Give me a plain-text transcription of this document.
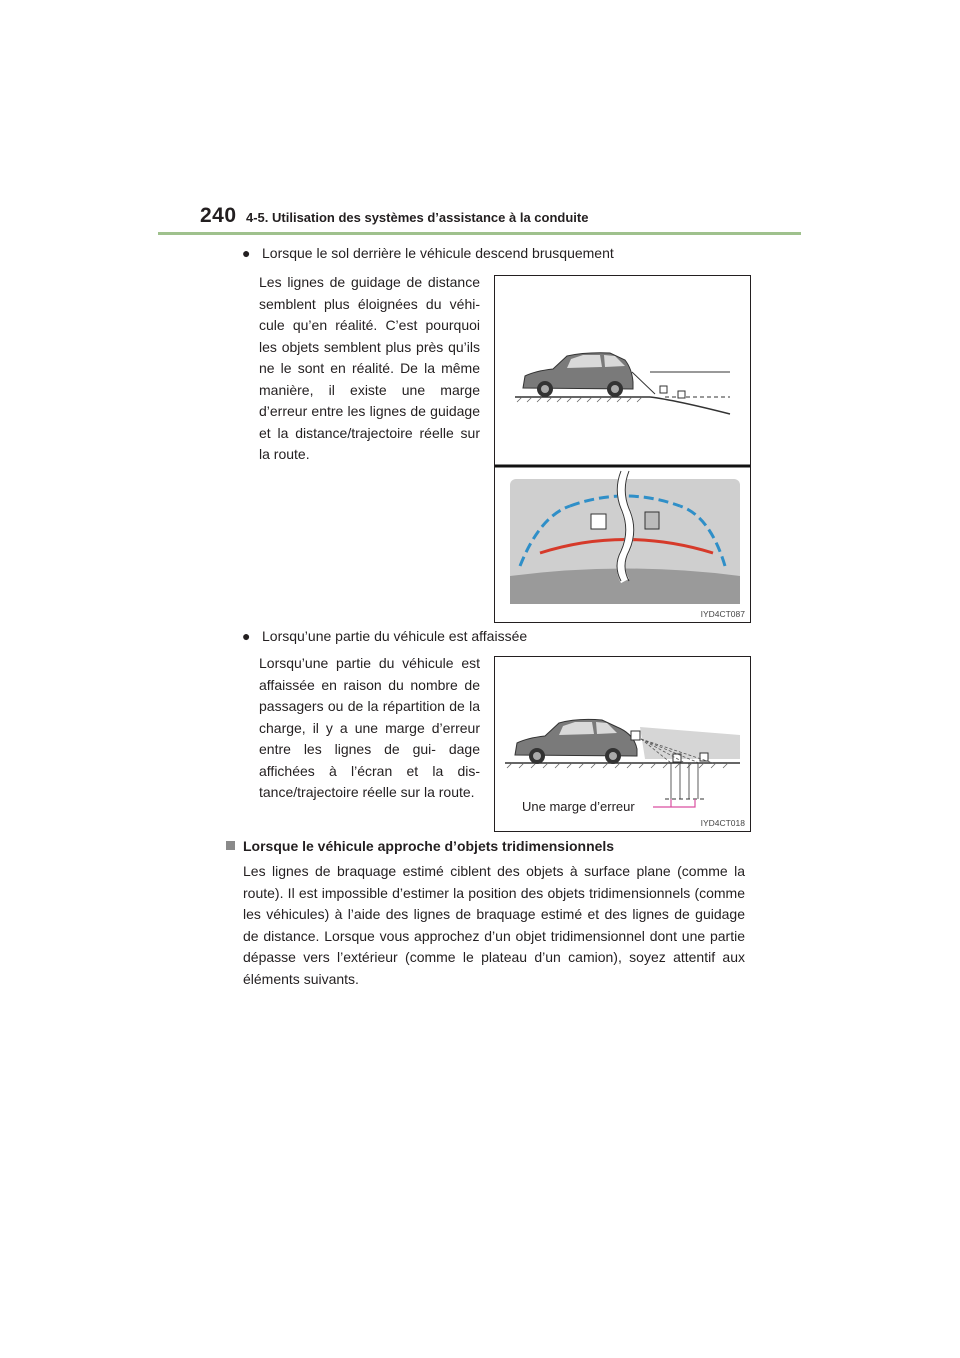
240 4-5. Utilisation des systèmes d’assistance à la conduite
● Lorsque le sol derrière le véhicule descend brusquement
Les lignes de guidage de distance semblent plus éloignées du véhi- cule qu’en réalité. C’est pourquoi les objets semblent plus près qu’ils ne le sont en réalité. De la même manière, il existe une marge d’erreur entre les lignes de guidage et la distance/trajectoire réelle sur la route.
IYD4CT087
● Lorsqu’une partie du véhicule est affaissée
Lorsqu’une partie du véhicule est affaissée en raison du nombre de passagers ou de la répartition de la charge, il y a une marge d’erreur entre les lignes de gui- dage affichées à l’écran et la dis- tance/trajectoire réelle sur la route.
Une marge d’erreur
IYD4CT018
Lorsque le véhicule approche d’objets tridimensionnels
Les lignes de braquage estimé ciblent des objets à surface plane (comme la route). Il est impossible d’estimer la position des objets tridimensionnels (comme les véhicules) à l’aide des lignes de braquage estimé et des lignes de guidage de distance. Lorsque vous approchez d’un objet tridimensionnel dont une partie dépasse vers l’extérieur (comme le plateau d’un camion), soyez attentif aux éléments suivants.
